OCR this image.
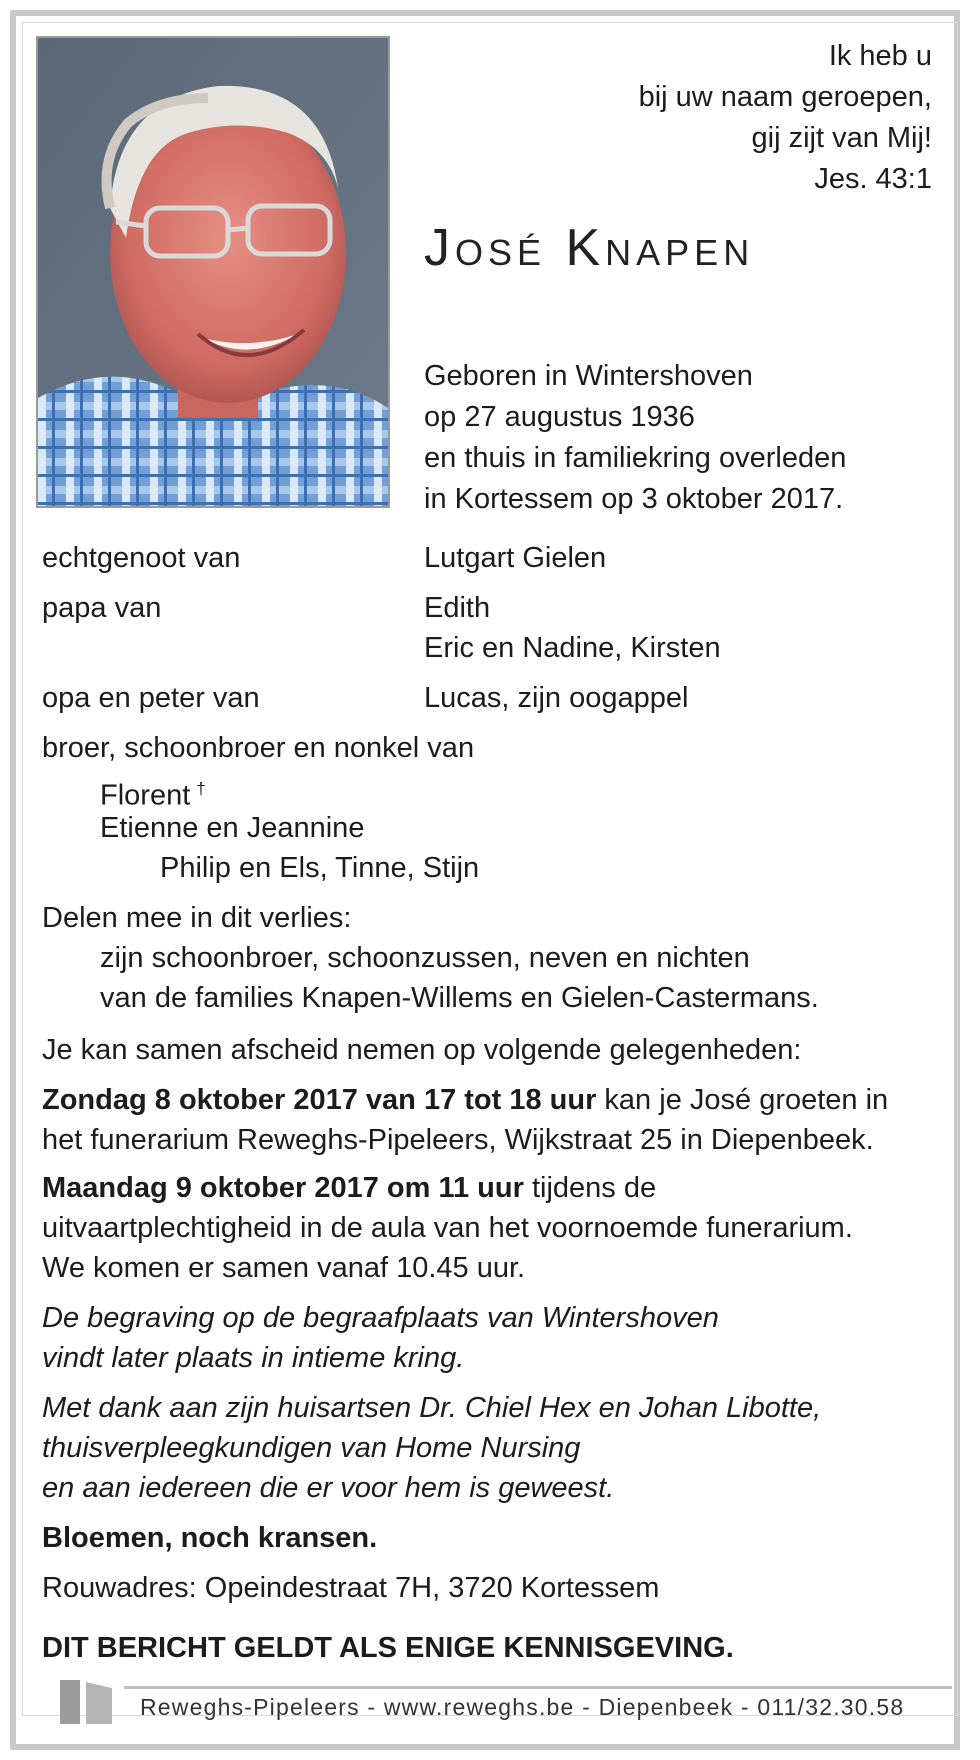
Ik heb u
bij uw naam geroepen,
gij zijt van Mij!
Jes. 43:1
José Knapen
Geboren in Wintershoven
op 27 augustus 1936
en thuis in familiekring overleden
in Kortessem op 3 oktober 2017.
echtgenoot van	Lutgart Gielen
papa van	Edith
Eric en Nadine, Kirsten
opa en peter van	Lucas, zijn oogappel
broer, schoonbroer en nonkel van
Florent †
Etienne en Jeannine
Philip en Els, Tinne, Stijn
Delen mee in dit verlies:
zijn schoonbroer, schoonzussen, neven en nichten
van de families Knapen-Willems en Gielen-Castermans.
Je kan samen afscheid nemen op volgende gelegenheden:
Zondag 8 oktober 2017 van 17 tot 18 uur kan je José groeten in
het funerarium Reweghs-Pipeleers, Wijkstraat 25 in Diepenbeek.
Maandag 9 oktober 2017 om 11 uur tijdens de
uitvaartplechtigheid in de aula van het voornoemde funerarium.
We komen er samen vanaf 10.45 uur.
De begraving op de begraafplaats van Wintershoven
vindt later plaats in intieme kring.
Met dank aan zijn huisartsen Dr. Chiel Hex en Johan Libotte,
thuisverpleegkundigen van Home Nursing
en aan iedereen die er voor hem is geweest.
Bloemen, noch kransen.
Rouwadres: Opeindestraat 7H, 3720 Kortessem
DIT BERICHT GELDT ALS ENIGE KENNISGEVING.
Reweghs-Pipeleers - www.reweghs.be - Diepenbeek - 011/32.30.58
